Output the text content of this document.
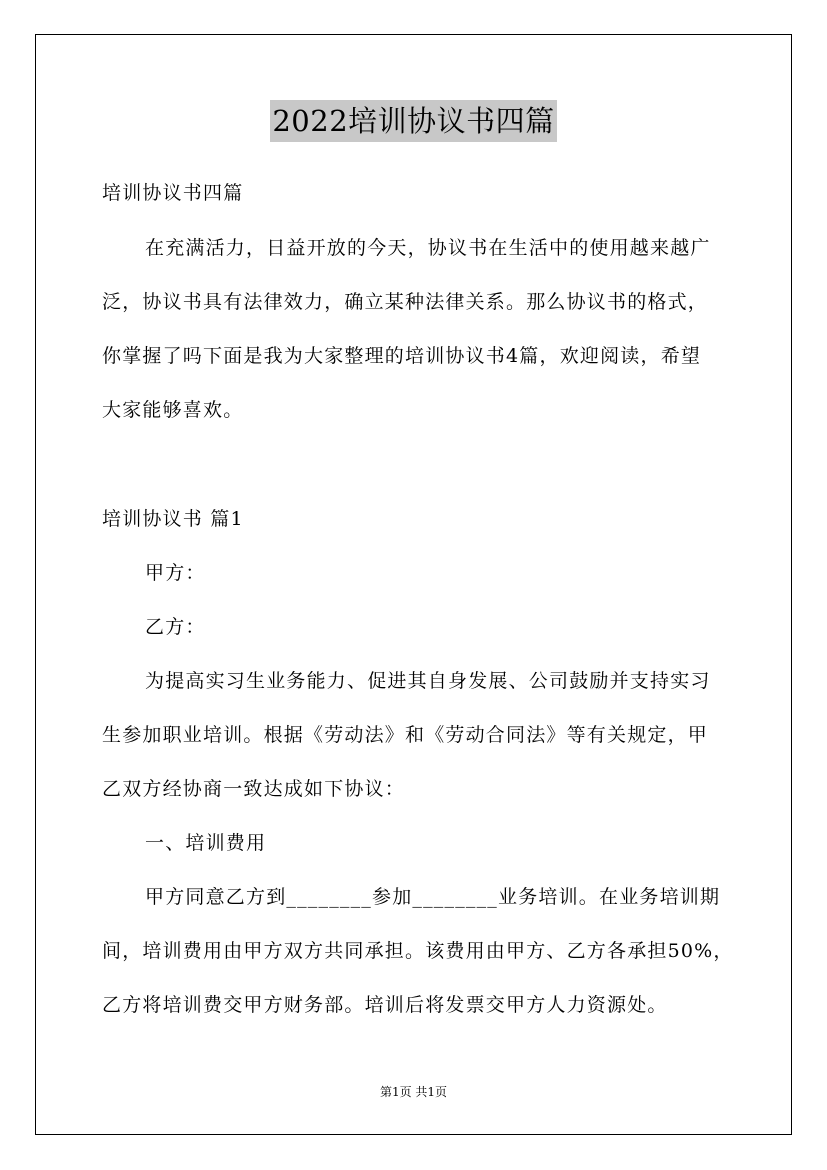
2022培训协议书四篇
培训协议书四篇
在充满活力，日益开放的今天，协议书在生活中的使用越来越广
泛，协议书具有法律效力，确立某种法律关系。那么协议书的格式，
你掌握了吗下面是我为大家整理的培训协议书4篇，欢迎阅读，希望
大家能够喜欢。
培训协议书 篇1
甲方：
乙方：
为提高实习生业务能力、促进其自身发展、公司鼓励并支持实习
生参加职业培训。根据《劳动法》和《劳动合同法》等有关规定，甲
乙双方经协商一致达成如下协议：
一、培训费用
甲方同意乙方到________参加________业务培训。在业务培训期
间，培训费用由甲方双方共同承担。该费用由甲方、乙方各承担50%，
乙方将培训费交甲方财务部。培训后将发票交甲方人力资源处。
第1页 共1页
